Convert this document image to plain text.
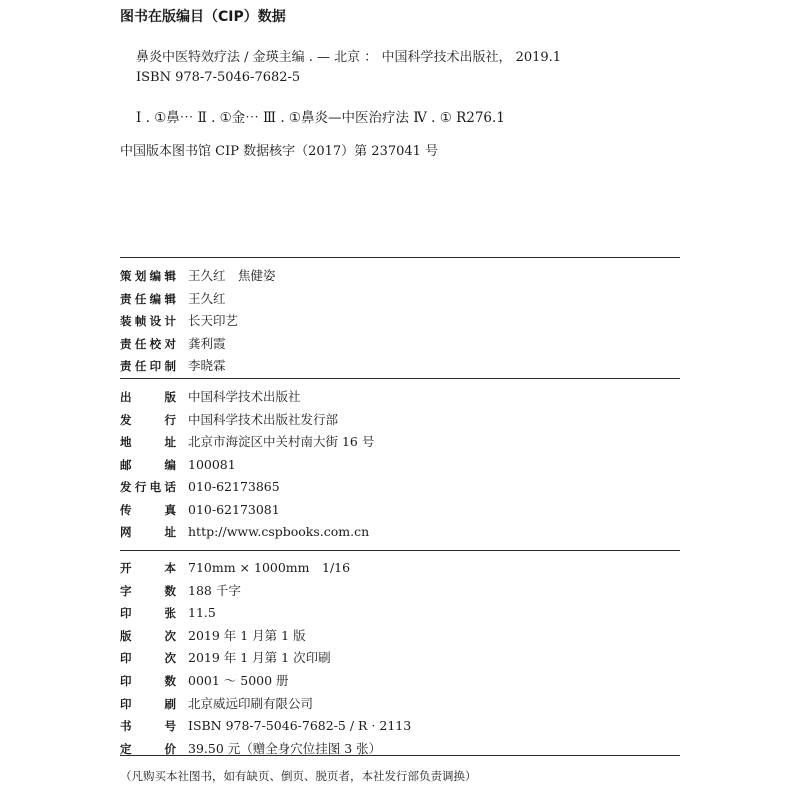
图书在版编目（CIP）数据
鼻炎中医特效疗法 / 金瑛主编 . — 北京 ： 中国科学技术出版社， 2019.1
ISBN 978-7-5046-7682-5
Ⅰ . ①鼻⋯ Ⅱ . ①金⋯ Ⅲ . ①鼻炎—中医治疗法 Ⅳ . ① R276.1
中国版本图书馆 CIP 数据核字（2017）第 237041 号
策划编辑 王久红　焦健姿
责任编辑 王久红
装帧设计 长天印艺
责任校对 龚利霞
责任印制 李晓霖
出版 中国科学技术出版社
发行 中国科学技术出版社发行部
地址 北京市海淀区中关村南大街 16 号
邮编 100081
发行电话 010-62173865
传真 010-62173081
网址 http://www.cspbooks.com.cn
开本 710mm × 1000mm　1/16
字数 188 千字
印张 11.5
版次 2019 年 1 月第 1 版
印次 2019 年 1 月第 1 次印刷
印数 0001 ～ 5000 册
印刷 北京威远印刷有限公司
书号 ISBN 978-7-5046-7682-5 / R · 2113
定价 39.50 元（赠全身穴位挂图 3 张）
（凡购买本社图书，如有缺页、倒页、脱页者，本社发行部负责调换）
